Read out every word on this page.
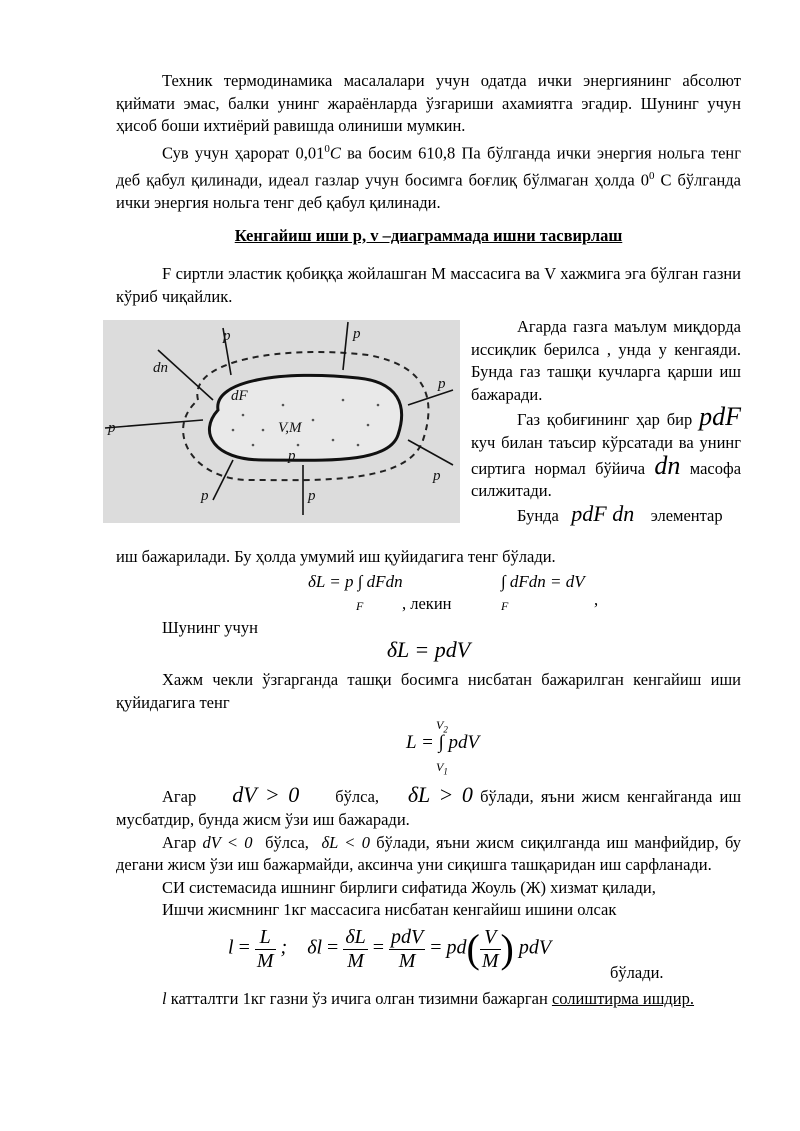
Техник термодинамика масалалари учун одатда ички энергиянинг абсолют қиймати эмас, балки унинг жараёнларда ўзгариши ахамиятга эгадир. Шунинг учун ҳисоб боши ихтиёрий равишда олиниши мумкин.

Сув учун ҳарорат 0,01$^0$C ва босим 610,8 Па бўлганда ички энергия нольга тенг деб қабул қилинади, идеал газлар учун босимга боғлиқ бўлмаган ҳолда $0^0$ С бўлганда ички энергия нольга тенг деб қабул қилинади.

Кенгайиш иши p, v –диаграммада ишни тасвирлаш

F сиртли эластик қобиққа жойлашган М массасига ва V хажмига эга бўлган газни кўриб чиқайлик.

dn
dF
V,M
p
p
p
p
p
p	p
p

Агарда газга маълум миқдорда иссиқлик берилса , унда у кенгаяди. Бунда газ ташқи кучларга қарши иш бажаради.

Газ қобиғининг ҳар бир pdF куч билан таъсир кўрсатади ва унинг сиртига нормал бўйича dn масофа силжитади.

Бунда pdF dn элементар

иш бажарилади. Бу ҳолда умумий иш қуйидагига тенг бўлади.

δL = p ∫ dFdn
F , лекин
∫ dFdn = dV
F	,

Шунинг учун

δL = pdV

Хажм чекли ўзгарганда ташқи босимга нисбатан бажарилган кенгайиш иши қуйидагига тенг

$V_2$
L = ∫ pdV
$V_1$

Агар dV > 0 бўлса, δL > 0 бўлади, яъни жисм кенгайганда иш мусбатдир, бунда жисм ўзи иш бажаради.

Агар dV < 0 бўлса, δL < 0 бўлади, яъни жисм сиқилганда иш манфийдир, бу дегани жисм ўзи иш бажармайди, аксинча уни сиқишга ташқаридан иш сарфланади.

СИ системасида ишнинг бирлиги сифатида Жоуль (Ж) хизмат қилади,

Ишчи жисмнинг 1кг массасига нисбатан кенгайиш ишини олсак

$l = \frac{L}{M}$ ; $\delta l = \frac{\delta L}{M} = \frac{\text{pdV}}{M} = pd( \frac{V}{M}$ ) pdV
бўлади.

l катталтги 1кг газни ўз ичига олган тизимни бажарган солиштирма ишдир.
